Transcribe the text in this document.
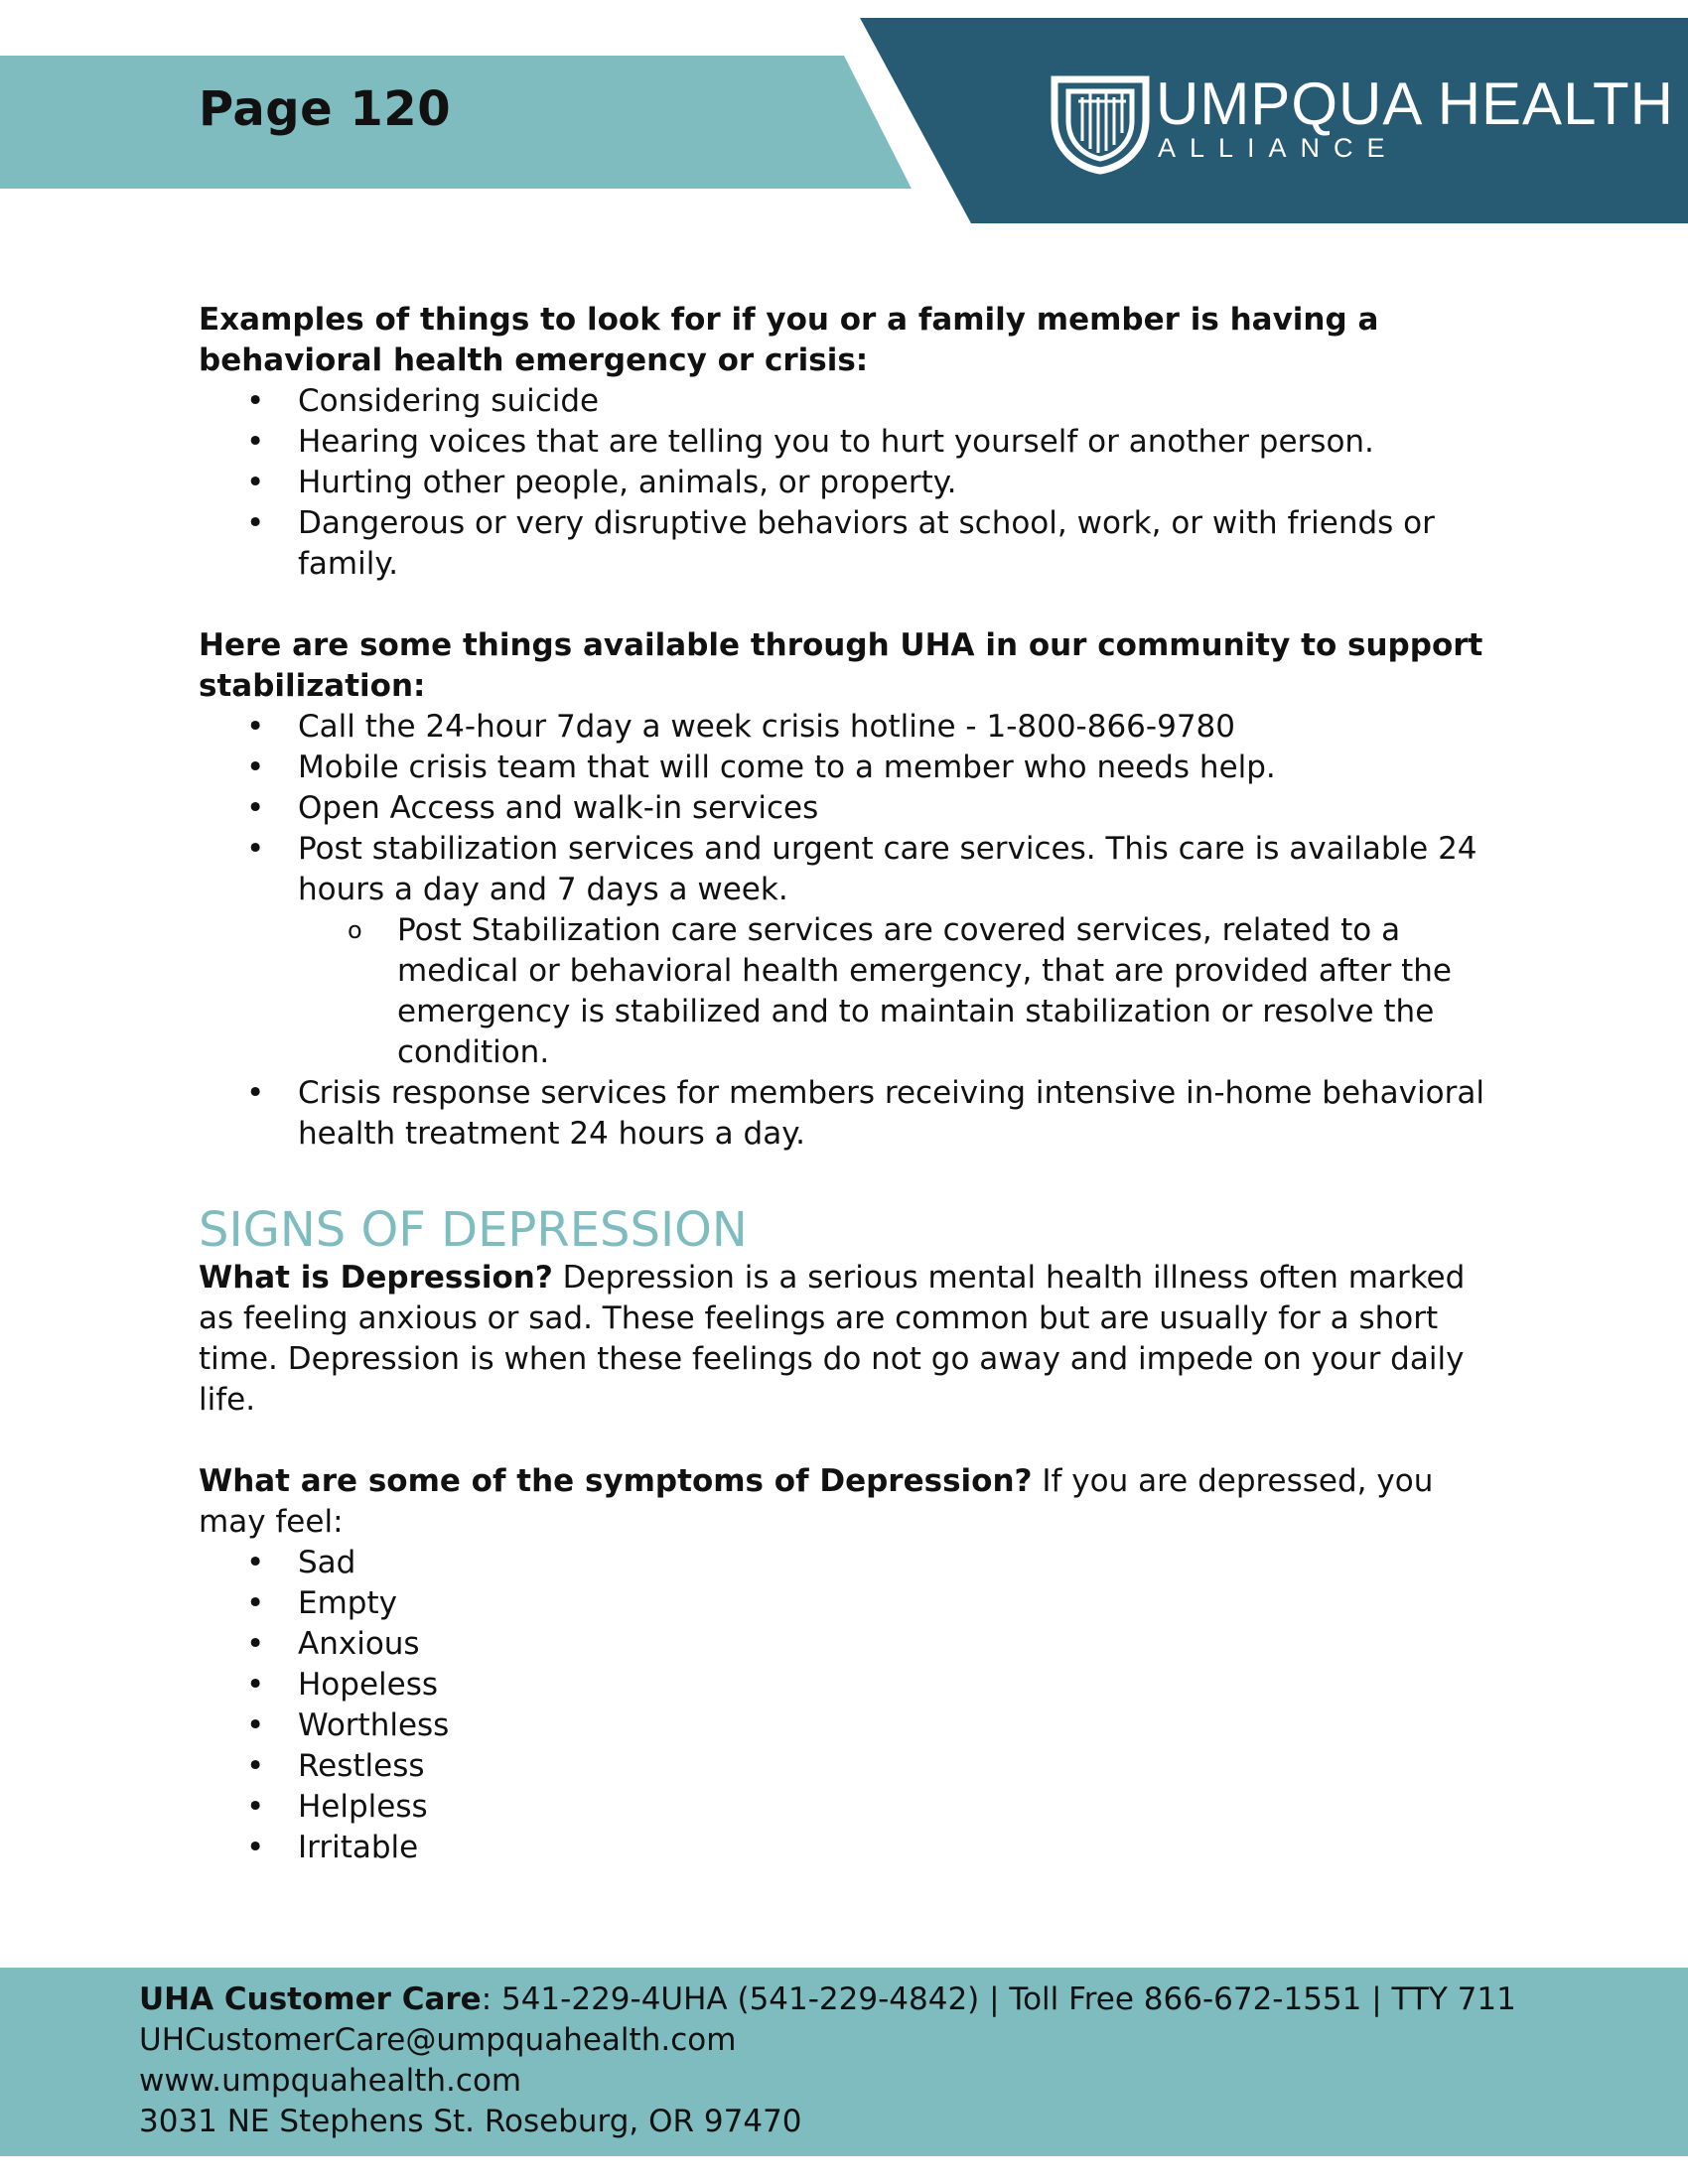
Page 120	UMPQUA HEALTH
ALLIANCE

Examples of things to look for if you or a family member is having a behavioral health emergency or crisis:

• Considering suicide
• Hearing voices that are telling you to hurt yourself or another person.
• Hurting other people, animals, or property.
• Dangerous or very disruptive behaviors at school, work, or with friends or family.

Here are some things available through UHA in our community to support stabilization:

• Call the 24-hour 7day a week crisis hotline - 1-800-866-9780
• Mobile crisis team that will come to a member who needs help.
• Open Access and walk-in services
• Post stabilization services and urgent care services. This care is available 24 hours a day and 7 days a week.
o Post Stabilization care services are covered services, related to a medical or behavioral health emergency, that are provided after the emergency is stabilized and to maintain stabilization or resolve the condition.
• Crisis response services for members receiving intensive in-home behavioral health treatment 24 hours a day.
SIGNS OF DEPRESSION

What is Depression? Depression is a serious mental health illness often marked as feeling anxious or sad. These feelings are common but are usually for a short time. Depression is when these feelings do not go away and impede on your daily life.

What are some of the symptoms of Depression? If you are depressed, you may feel:

• Sad
• Empty
• Anxious
• Hopeless
• Worthless
• Restless
• Helpless
• Irritable
UHA Customer Care: 541-229-4UHA (541-229-4842) | Toll Free 866-672-1551 | TTY 711
UHCustomerCare@umpquahealth.com
www.umpquahealth.com
3031 NE Stephens St. Roseburg, OR 97470
